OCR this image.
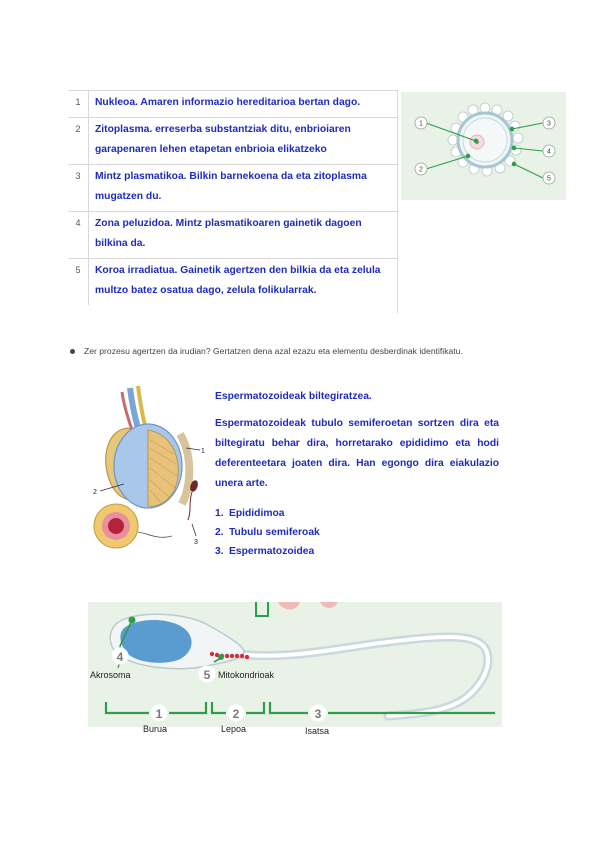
1	Nukleoa. Amaren informazio hereditarioa bertan dago.
2	Zitoplasma. erreserba substantziak ditu, enbrioiaren garapenaren lehen etapetan enbrioia elikatzeko
3	Mintz plasmatikoa. Bilkin barnekoena da eta zitoplasma mugatzen du.
4	Zona peluzidoa. Mintz plasmatikoaren gainetik dagoen bilkina da.
5	Koroa irradiatua. Gainetik agertzen den bilkia da eta zelula multzo batez osatua dago, zelula folikularrak.
1
2
3
4
5
Zer prozesu agertzen da irudian? Gertatzen dena azal ezazu eta elementu desberdinak identifikatu.
1
2
3
Espermatozoideak biltegiratzea.
Espermatozoideak tubulo semiferoetan sortzen dira eta biltegiratu behar dira, horretarako epididimo eta hodi deferenteetara joaten dira. Han egongo dira eiakulazio unera arte.
1. Epididimoa
2. Tubulu semiferoak
3. Espermatozoidea
4
5
1	2	3
Akrosoma	Mitokondrioak
Burua	Lepoa	Isatsa
